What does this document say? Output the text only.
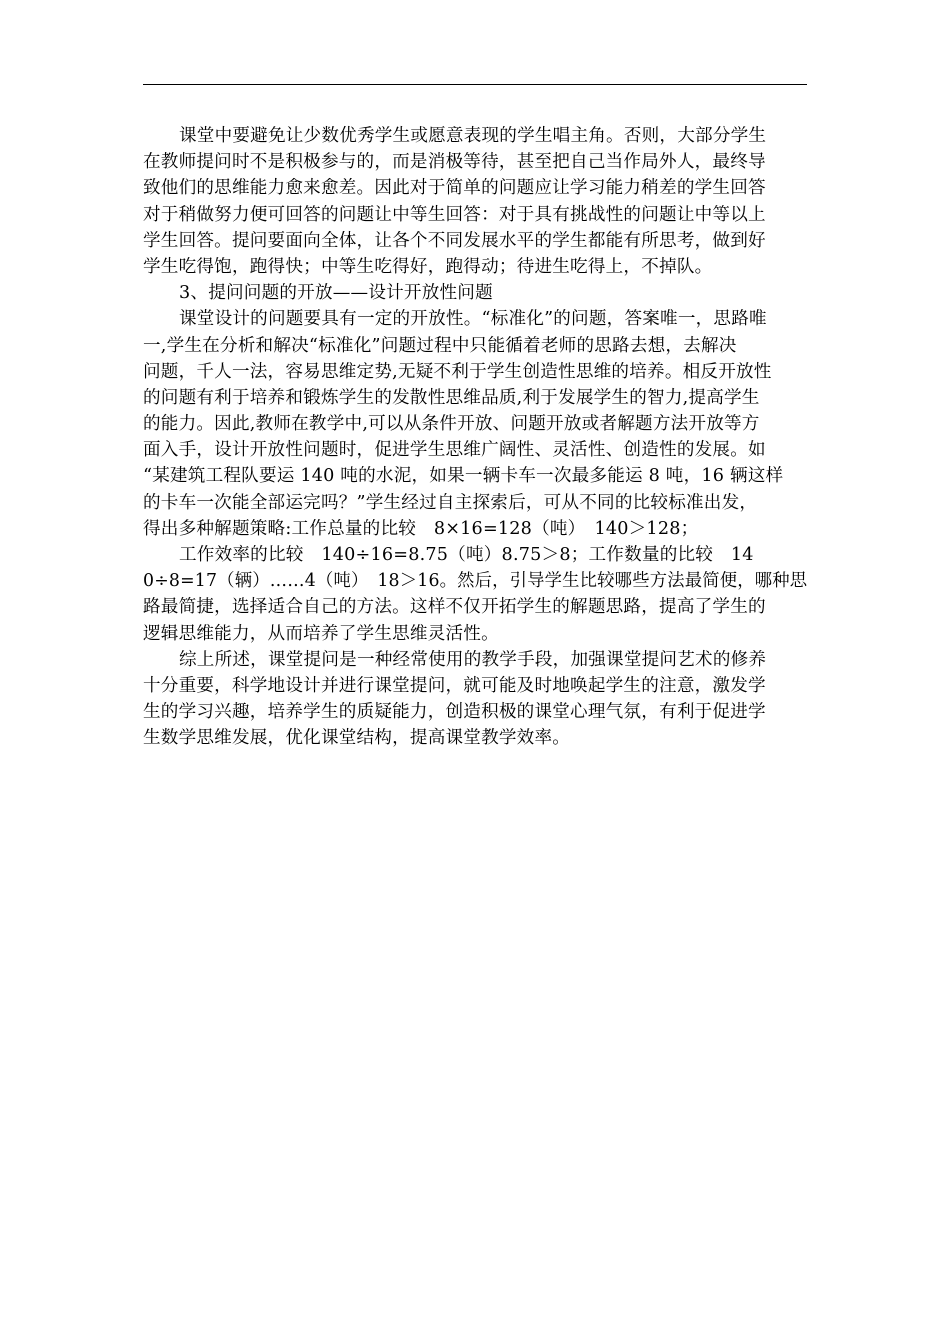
课堂中要避免让少数优秀学生或愿意表现的学生唱主角。否则，大部分学生
在教师提问时不是积极参与的，而是消极等待，甚至把自己当作局外人，最终导
致他们的思维能力愈来愈差。因此对于简单的问题应让学习能力稍差的学生回答
对于稍做努力便可回答的问题让中等生回答：对于具有挑战性的问题让中等以上
学生回答。提问要面向全体，让各个不同发展水平的学生都能有所思考，做到好
学生吃得饱，跑得快；中等生吃得好，跑得动；待进生吃得上，不掉队。
3、提问问题的开放——设计开放性问题
课堂设计的问题要具有一定的开放性。“标准化”的问题，答案唯一，思路唯
一,学生在分析和解决“标准化”问题过程中只能循着老师的思路去想，去解决
问题，千人一法，容易思维定势,无疑不利于学生创造性思维的培养。相反开放性
的问题有利于培养和锻炼学生的发散性思维品质,利于发展学生的智力,提高学生
的能力。因此,教师在教学中,可以从条件开放、问题开放或者解题方法开放等方
面入手，设计开放性问题时，促进学生思维广阔性、灵活性、创造性的发展。如
“某建筑工程队要运 140 吨的水泥，如果一辆卡车一次最多能运 8 吨，16 辆这样
的卡车一次能全部运完吗？”学生经过自主探索后，可从不同的比较标准出发，
得出多种解题策略:工作总量的比较　8×16=128（吨）　140＞128；
工作效率的比较　140÷16=8.75（吨）8.75＞8；工作数量的比较　14
0÷8=17（辆）……4（吨）　18＞16。然后，引导学生比较哪些方法最简便，哪种思
路最简捷，选择适合自己的方法。这样不仅开拓学生的解题思路，提高了学生的
逻辑思维能力，从而培养了学生思维灵活性。
综上所述，课堂提问是一种经常使用的教学手段，加强课堂提问艺术的修养
十分重要，科学地设计并进行课堂提问，就可能及时地唤起学生的注意，激发学
生的学习兴趣，培养学生的质疑能力，创造积极的课堂心理气氛，有利于促进学
生数学思维发展，优化课堂结构，提高课堂教学效率。
